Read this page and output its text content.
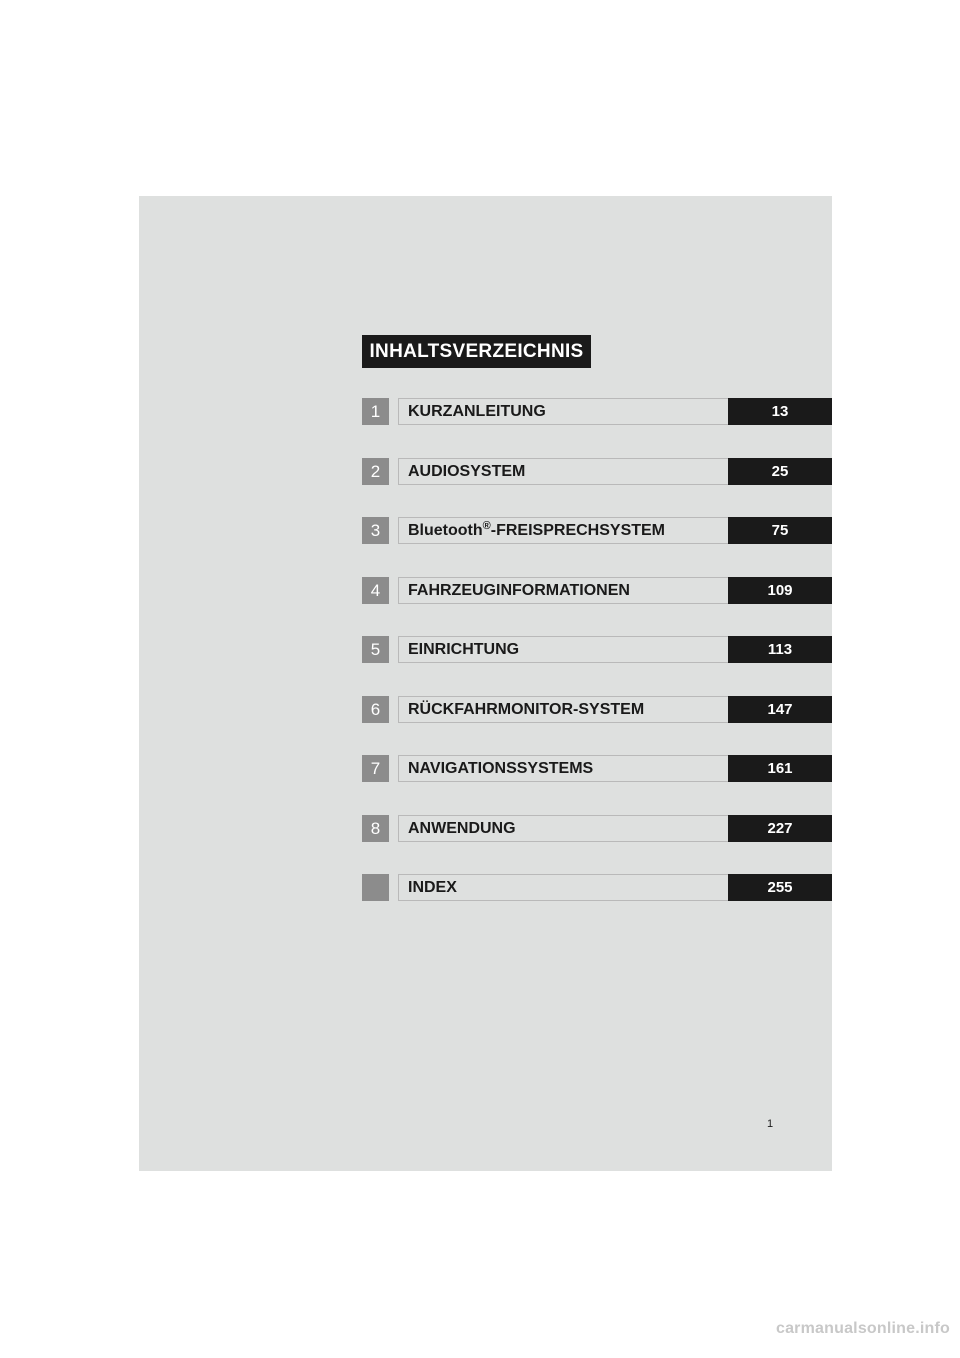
INHALTSVERZEICHNIS
1	KURZANLEITUNG	13
2	AUDIOSYSTEM	25
3	Bluetooth®-FREISPRECHSYSTEM	75
4	FAHRZEUGINFORMATIONEN	109
5	EINRICHTUNG	113
6	RÜCKFAHRMONITOR-SYSTEM	147
7	NAVIGATIONSSYSTEMS	161
8	ANWENDUNG	227
INDEX	255
1
carmanualsonline.info
